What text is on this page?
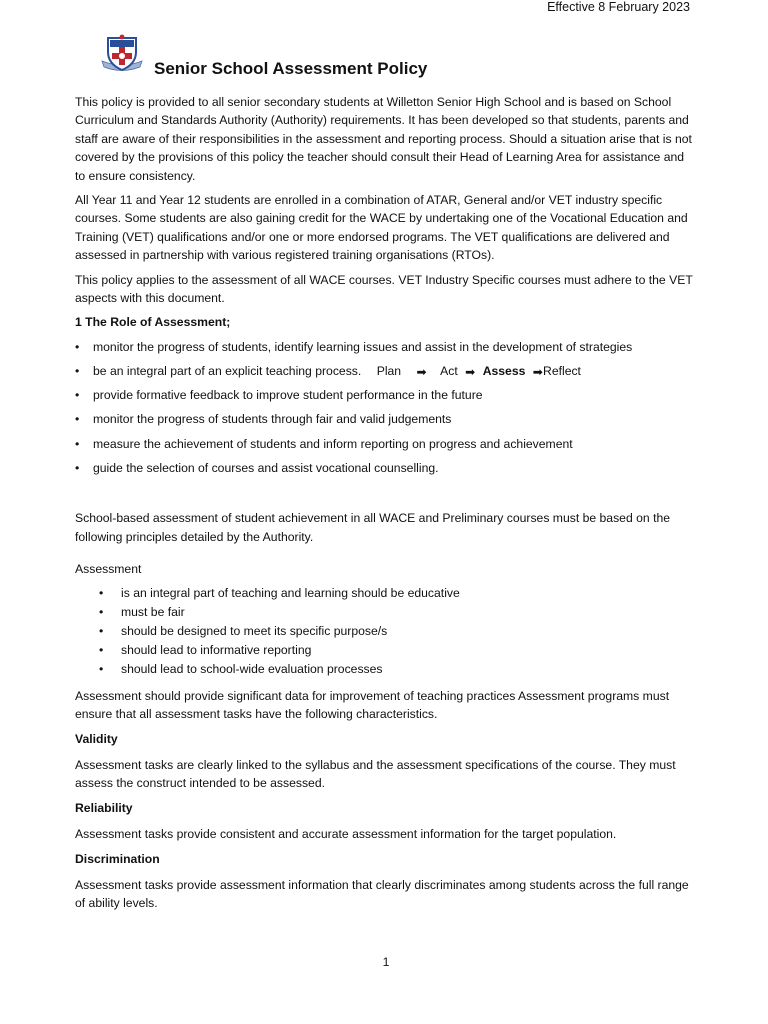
Effective 8 February 2023
Senior School Assessment Policy

This policy is provided to all senior secondary students at Willetton Senior High School and is based on School Curriculum and Standards Authority (Authority) requirements. It has been developed so that students, parents and staff are aware of their responsibilities in the assessment and reporting process. Should a situation arise that is not covered by the provisions of this policy the teacher should consult their Head of Learning Area for assistance and to ensure consistency.

All Year 11 and Year 12 students are enrolled in a combination of ATAR, General and/or VET industry specific courses. Some students are also gaining credit for the WACE by undertaking one of the Vocational Education and Training (VET) qualifications and/or one or more endorsed programs. The VET qualifications are delivered and assessed in partnership with various registered training organisations (RTOs).

This policy applies to the assessment of all WACE courses. VET Industry Specific courses must adhere to the VET aspects with this document.

1 The Role of Assessment;

• monitor the progress of students, identify learning issues and assist in the development of strategies
• be an integral part of an explicit teaching process. Plan ➡ Act ➡ Assess ➡Reflect
• provide formative feedback to improve student performance in the future
• monitor the progress of students through fair and valid judgements
• measure the achievement of students and inform reporting on progress and achievement
• guide the selection of courses and assist vocational counselling.

School-based assessment of student achievement in all WACE and Preliminary courses must be based on the following principles detailed by the Authority.

Assessment

• is an integral part of teaching and learning should be educative
• must be fair
• should be designed to meet its specific purpose/s
• should lead to informative reporting
• should lead to school-wide evaluation processes

Assessment should provide significant data for improvement of teaching practices Assessment programs must ensure that all assessment tasks have the following characteristics.

Validity

Assessment tasks are clearly linked to the syllabus and the assessment specifications of the course. They must assess the construct intended to be assessed.

Reliability

Assessment tasks provide consistent and accurate assessment information for the target population.

Discrimination

Assessment tasks provide assessment information that clearly discriminates among students across the full range of ability levels.

1
